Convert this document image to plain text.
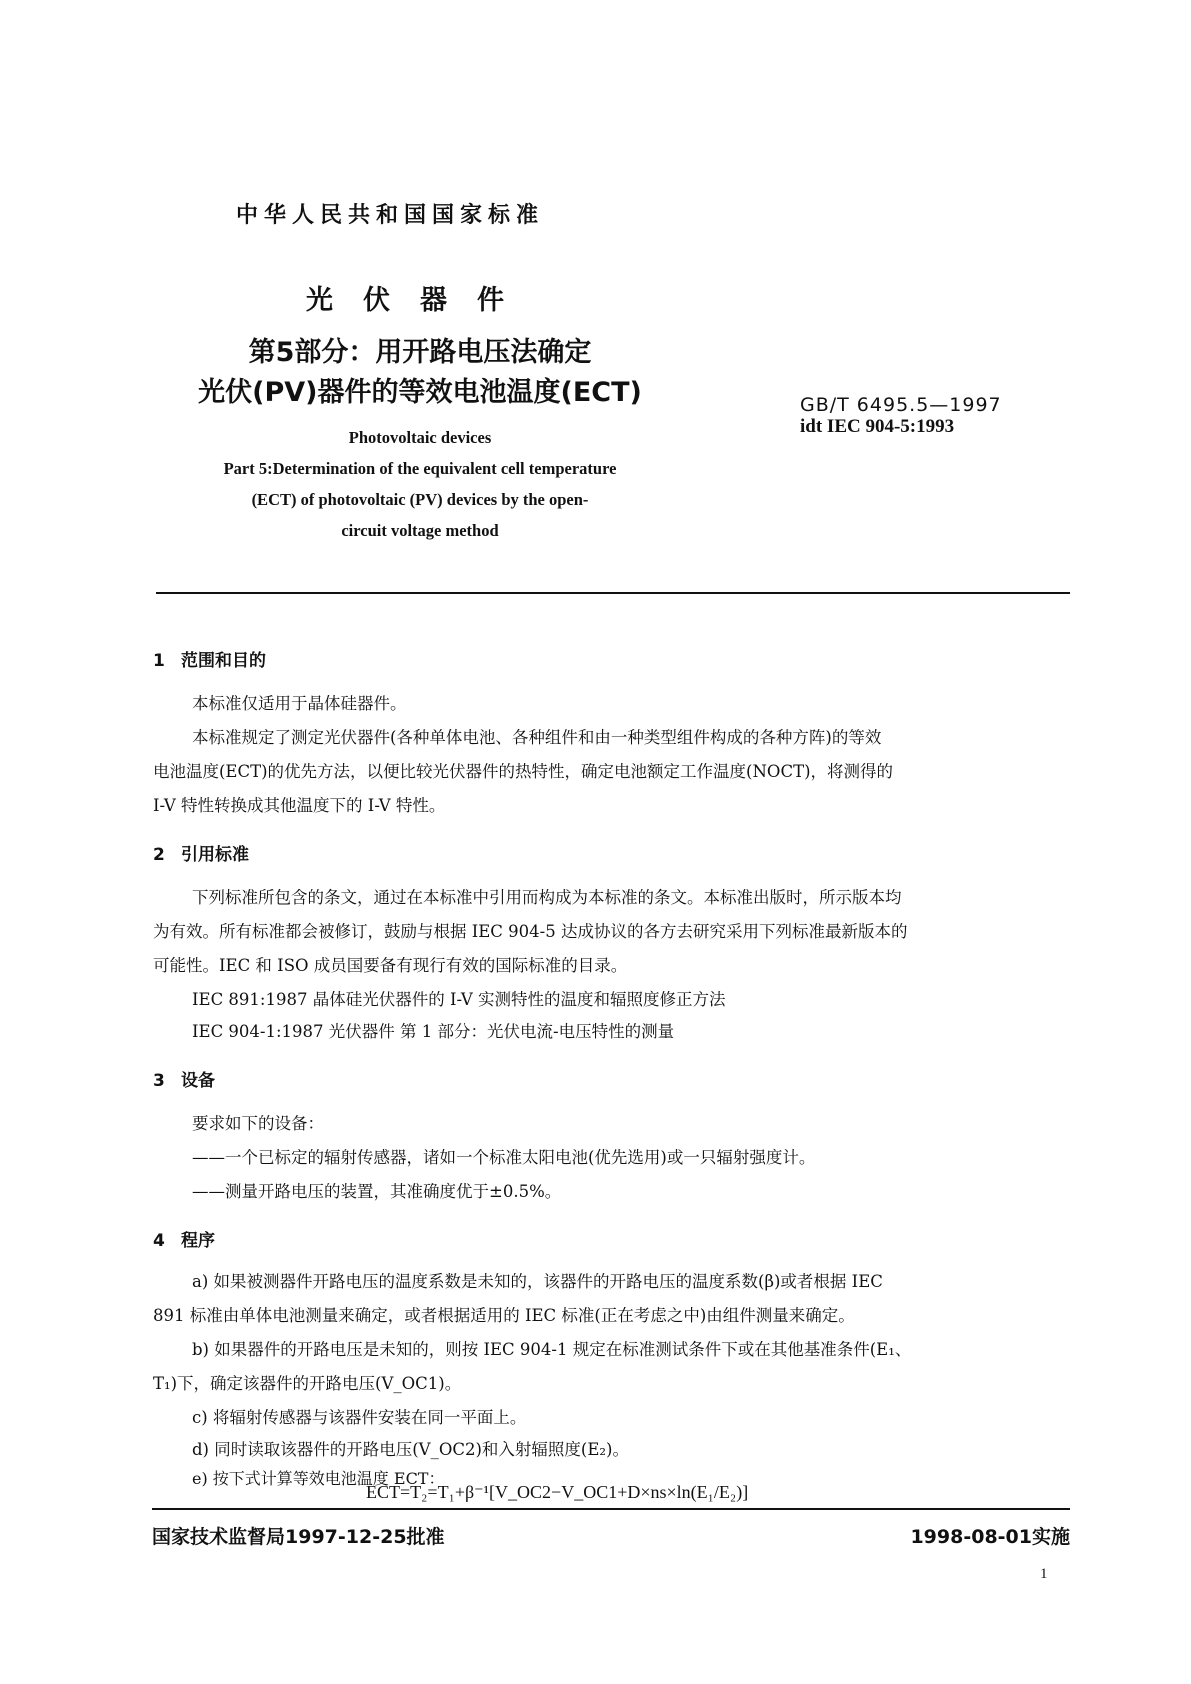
中华人民共和国国家标准
光伏器件
第5部分：用开路电压法确定
光伏(PV)器件的等效电池温度(ECT)
Photovoltaic devices
Part 5:Determination of the equivalent cell temperature
(ECT) of photovoltaic (PV) devices by the open-
circuit voltage method
GB/T 6495.5—1997
idt IEC 904-5:1993
1 范围和目的
本标准仅适用于晶体硅器件。
本标准规定了测定光伏器件(各种单体电池、各种组件和由一种类型组件构成的各种方阵)的等效
电池温度(ECT)的优先方法，以便比较光伏器件的热特性，确定电池额定工作温度(NOCT)，将测得的
I-V 特性转换成其他温度下的 I-V 特性。
2 引用标准
下列标准所包含的条文，通过在本标准中引用而构成为本标准的条文。本标准出版时，所示版本均
为有效。所有标准都会被修订，鼓励与根据 IEC 904-5 达成协议的各方去研究采用下列标准最新版本的
可能性。IEC 和 ISO 成员国要备有现行有效的国际标准的目录。
IEC 891:1987 晶体硅光伏器件的 I-V 实测特性的温度和辐照度修正方法
IEC 904-1:1987 光伏器件 第 1 部分：光伏电流-电压特性的测量
3 设备
要求如下的设备：
——一个已标定的辐射传感器，诸如一个标准太阳电池(优先选用)或一只辐射强度计。
——测量开路电压的装置，其准确度优于±0.5%。
4 程序
a) 如果被测器件开路电压的温度系数是未知的，该器件的开路电压的温度系数(β)或者根据 IEC
891 标准由单体电池测量来确定，或者根据适用的 IEC 标准(正在考虑之中)由组件测量来确定。
b) 如果器件的开路电压是未知的，则按 IEC 904-1 规定在标准测试条件下或在其他基准条件(E₁、
T₁)下，确定该器件的开路电压(V_OC1)。
c) 将辐射传感器与该器件安装在同一平面上。
d) 同时读取该器件的开路电压(V_OC2)和入射辐照度(E₂)。
e) 按下式计算等效电池温度 ECT：
ECT=T₂=T₁+β⁻¹[V_OC2−V_OC1+D×ns×ln(E₁/E₂)]
国家技术监督局1997-12-25批准	1998-08-01实施
1
